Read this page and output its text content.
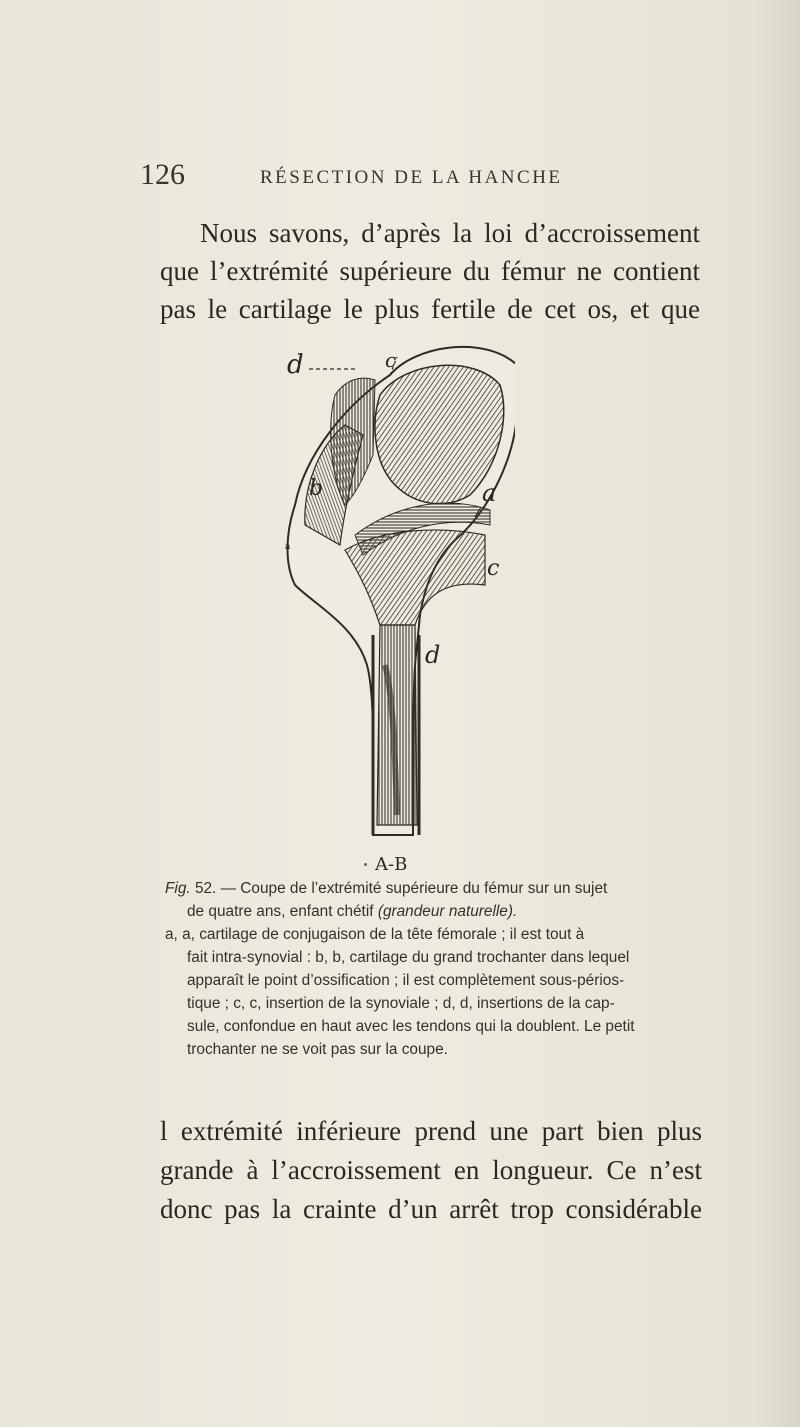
126	RÉSECTION DE LA HANCHE
Nous savons, d’après la loi d’accroissement
que l’extrémité supérieure du fémur ne contient
pas le cartilage le plus fertile de cet os, et que
d	c
b
a
a
c
d
A-B
Fig. 52. — Coupe de l’extrémité supérieure du fémur sur un sujet
de quatre ans, enfant chétif (grandeur naturelle).
a, a, cartilage de conjugaison de la tête fémorale ; il est tout à
fait intra-synovial : b, b, cartilage du grand trochanter dans lequel
apparaît le point d’ossification ; il est complètement sous-périos-
tique ; c, c, insertion de la synoviale ; d, d, insertions de la cap-
sule, confondue en haut avec les tendons qui la doublent. Le petit
trochanter ne se voit pas sur la coupe.
l extrémité inférieure prend une part bien plus
grande à l’accroissement en longueur. Ce n’est
donc pas la crainte d’un arrêt trop considérable
